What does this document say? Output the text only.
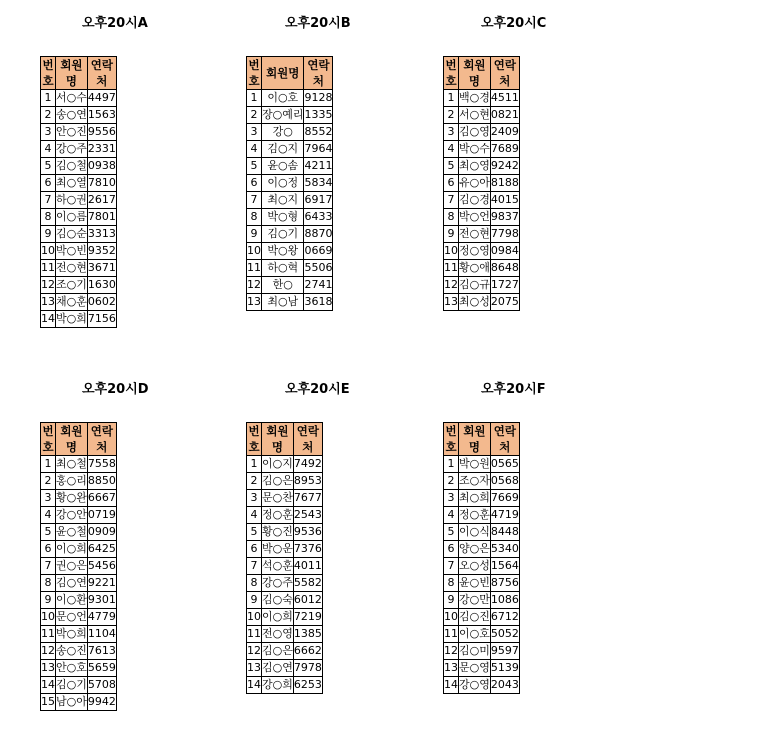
오후20시A
번호	회원명	연락처
1	서○수	4497
2	송○연	1563
3	안○진	9556
4	강○주	2331
5	김○철	0938
6	최○열	7810
7	하○권	2617
8	이○름	7801
9	김○순	3313
10	박○빈	9352
11	전○현	3671
12	조○기	1630
13	채○훈	0602
14	박○희	7156
오후20시B
번호	회원명	연락처
1	이○호	9128
2	장○예리	1335
3	강○	8552
4	김○지	7964
5	윤○솜	4211
6	이○정	5834
7	최○지	6917
8	박○형	6433
9	김○기	8870
10	박○왕	0669
11	하○혁	5506
12	한○	2741
13	최○남	3618
오후20시C
번호	회원명	연락처
1	백○경	4511
2	서○현	0821
3	김○영	2409
4	박○수	7689
5	최○영	9242
6	유○아	8188
7	김○경	4015
8	박○언	9837
9	전○현	7798
10	정○영	0984
11	황○애	8648
12	김○규	1727
13	최○성	2075
오후20시D
번호	회원명	연락처
1	최○철	7558
2	홍○리	8850
3	황○완	6667
4	강○안	0719
5	윤○철	0909
6	이○희	6425
7	권○은	5456
8	김○연	9221
9	이○환	9301
10	문○언	4779
11	박○희	1104
12	송○진	7613
13	안○호	5659
14	김○기	5708
15	남○아	9942
오후20시E
번호	회원명	연락처
1	이○지	7492
2	김○은	8953
3	문○찬	7677
4	정○훈	2543
5	황○진	9536
6	박○운	7376
7	석○훈	4011
8	강○주	5582
9	김○숙	6012
10	이○희	7219
11	전○영	1385
12	김○은	6662
13	김○연	7978
14	강○희	6253
오후20시F
번호	회원명	연락처
1	박○원	0565
2	조○자	0568
3	최○희	7669
4	정○훈	4719
5	이○식	8448
6	양○은	5340
7	오○성	1564
8	윤○빈	8756
9	강○만	1086
10	김○진	6712
11	이○호	5052
12	김○미	9597
13	문○영	5139
14	강○영	2043
